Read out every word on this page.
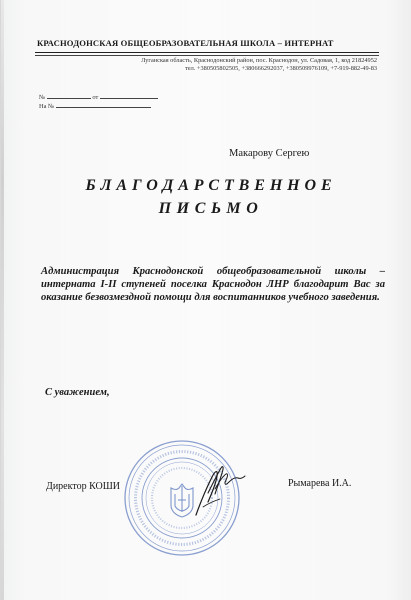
КРАСНОДОНСКАЯ ОБЩЕОБРАЗОВАТЕЛЬНАЯ ШКОЛА – ИНТЕРНАТ
Луганская область, Краснодонский район, пос. Краснодон, ул. Садовая, 1, код 21824952
тел. +380505802505, +380666292037, +380509976109, +7-919-882-49-83
№	от
На №
Макарову Сергею
БЛАГОДАРСТВЕННОЕ
ПИСЬМО
Администрация Краснодонской общеобразовательной школы – интерната I-II ступеней поселка Краснодон ЛНР благодарит Вас за оказание безвозмездной помощи для воспитанников учебного заведения.
С уважением,
Директор КОШИ	Рымарева И.А.
